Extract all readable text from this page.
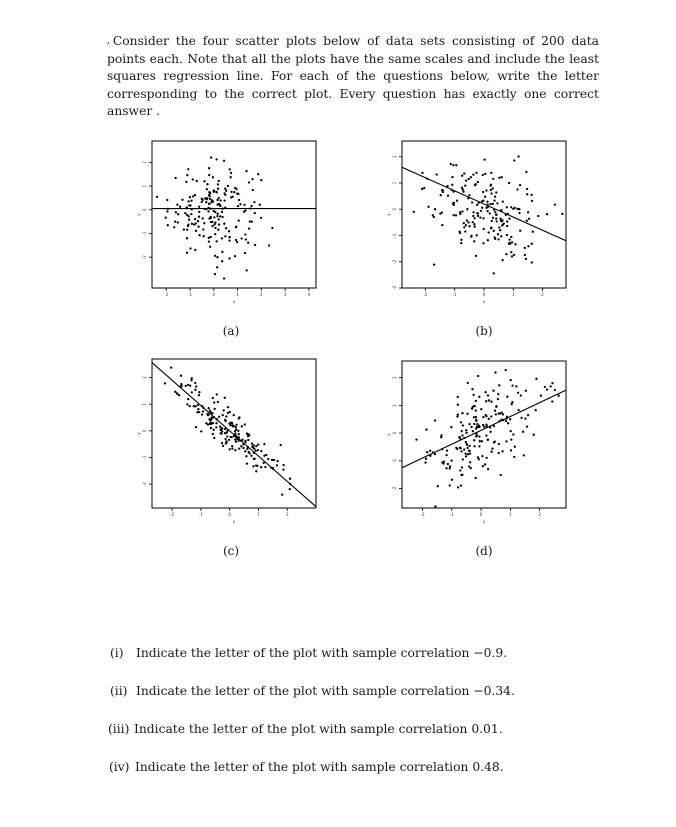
, Consider the four scatter plots below of data sets consisting of 200 data points each. Note that all the plots have the same scales and include the least squares regression line. For each of the questions below, write the letter corresponding to the correct plot. Every question has exactly one correct answer .

-2	-1	0	1	2	3	4
-2
-1
0
1
2
x
y
(a)
-2	-1	0	1	2
-3
-2
-1
0
1
2
x
y
(b)
-2	-1	0	1	2
-2
-1
0
1
2
x
y
(c)
-2	-1	0	1	2
-2
-1
0
1
2
x
y
(d)
(i) Indicate the letter of the plot with sample correlation −0.9.
(ii) Indicate the letter of the plot with sample correlation −0.34.
(iii) Indicate the letter of the plot with sample correlation 0.01.
(iv) Indicate the letter of the plot with sample correlation 0.48.
